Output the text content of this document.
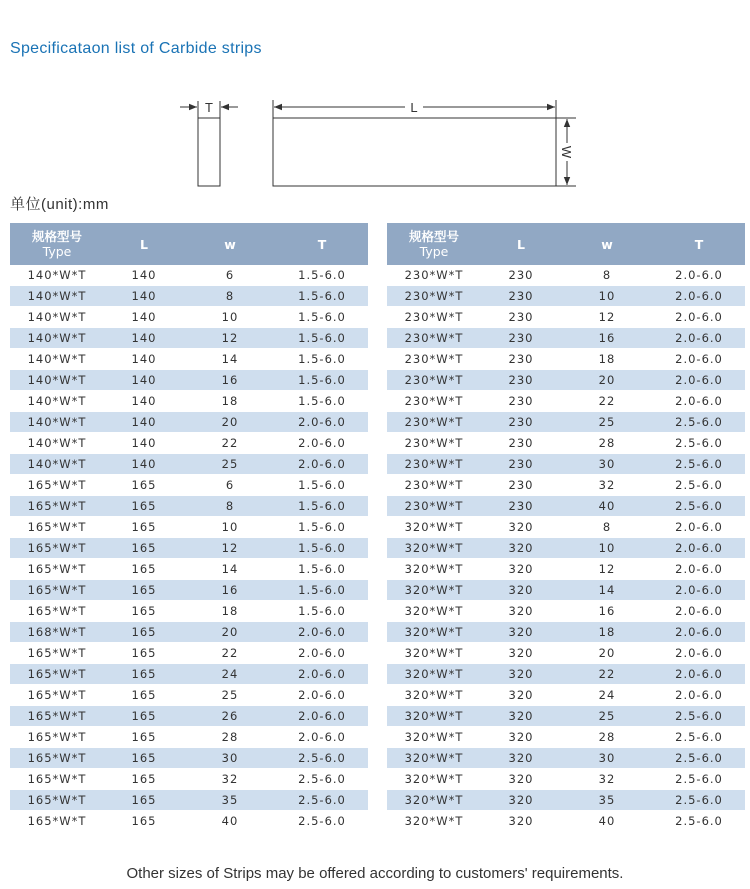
Specificataon list of Carbide strips
T	L
W
单位(unit):mm
规格型号
Type	L	w	T
140*W*T	140	6	1.5-6.0
140*W*T	140	8	1.5-6.0
140*W*T	140	10	1.5-6.0
140*W*T	140	12	1.5-6.0
140*W*T	140	14	1.5-6.0
140*W*T	140	16	1.5-6.0
140*W*T	140	18	1.5-6.0
140*W*T	140	20	2.0-6.0
140*W*T	140	22	2.0-6.0
140*W*T	140	25	2.0-6.0
165*W*T	165	6	1.5-6.0
165*W*T	165	8	1.5-6.0
165*W*T	165	10	1.5-6.0
165*W*T	165	12	1.5-6.0
165*W*T	165	14	1.5-6.0
165*W*T	165	16	1.5-6.0
165*W*T	165	18	1.5-6.0
168*W*T	165	20	2.0-6.0
165*W*T	165	22	2.0-6.0
165*W*T	165	24	2.0-6.0
165*W*T	165	25	2.0-6.0
165*W*T	165	26	2.0-6.0
165*W*T	165	28	2.0-6.0
165*W*T	165	30	2.5-6.0
165*W*T	165	32	2.5-6.0
165*W*T	165	35	2.5-6.0
165*W*T	165	40	2.5-6.0
规格型号
Type	L	w	T
230*W*T	230	8	2.0-6.0
230*W*T	230	10	2.0-6.0
230*W*T	230	12	2.0-6.0
230*W*T	230	16	2.0-6.0
230*W*T	230	18	2.0-6.0
230*W*T	230	20	2.0-6.0
230*W*T	230	22	2.0-6.0
230*W*T	230	25	2.5-6.0
230*W*T	230	28	2.5-6.0
230*W*T	230	30	2.5-6.0
230*W*T	230	32	2.5-6.0
230*W*T	230	40	2.5-6.0
320*W*T	320	8	2.0-6.0
320*W*T	320	10	2.0-6.0
320*W*T	320	12	2.0-6.0
320*W*T	320	14	2.0-6.0
320*W*T	320	16	2.0-6.0
320*W*T	320	18	2.0-6.0
320*W*T	320	20	2.0-6.0
320*W*T	320	22	2.0-6.0
320*W*T	320	24	2.0-6.0
320*W*T	320	25	2.5-6.0
320*W*T	320	28	2.5-6.0
320*W*T	320	30	2.5-6.0
320*W*T	320	32	2.5-6.0
320*W*T	320	35	2.5-6.0
320*W*T	320	40	2.5-6.0
Other sizes of Strips may be offered according to customers' requirements.
